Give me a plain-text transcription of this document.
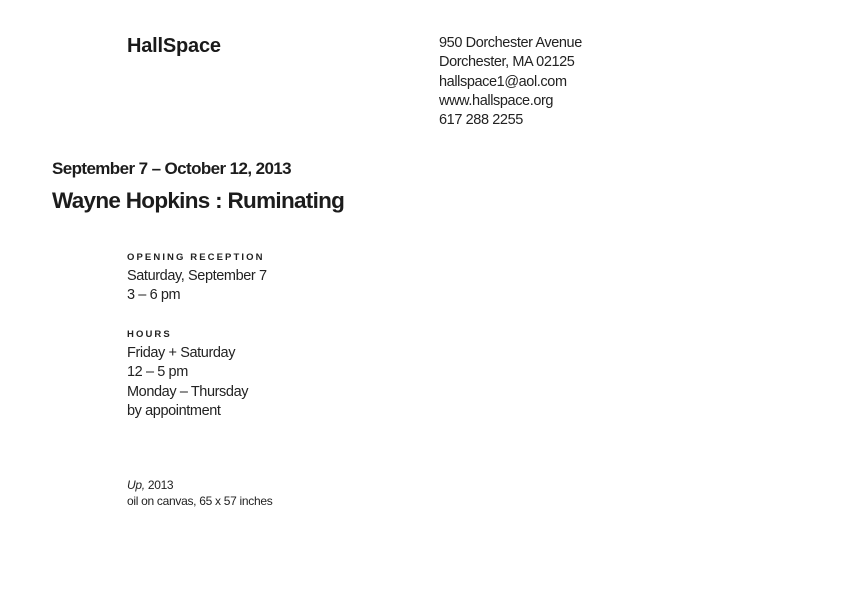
HallSpace	950 Dorchester Avenue
Dorchester, MA 02125
hallspace1@aol.com
www.hallspace.org
617 288 2255
September 7 – October 12, 2013
Wayne Hopkins : Ruminating
OPENING RECEPTION
Saturday, September 7
3 – 6 pm
HOURS
Friday + Saturday
12 – 5 pm
Monday – Thursday
by appointment
Up, 2013
oil on canvas, 65 x 57 inches
